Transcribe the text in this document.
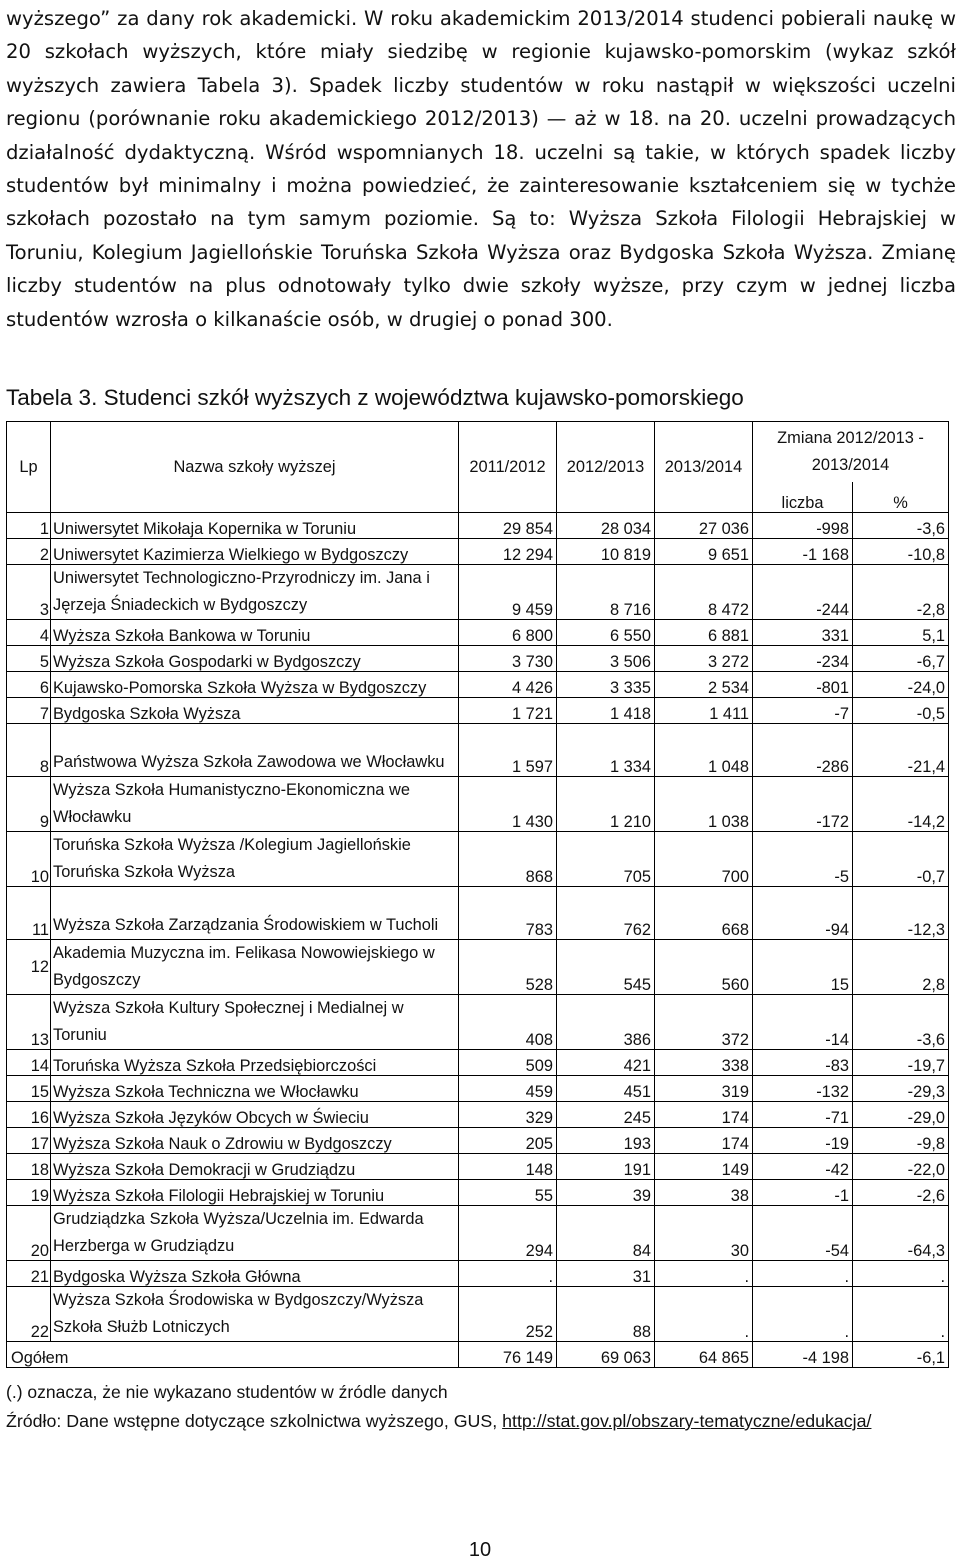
wyższego” za dany rok akademicki. W roku akademickim 2013/2014 studenci pobierali naukę w 20 szkołach wyższych, które miały siedzibę w regionie kujawsko-pomorskim (wykaz szkół wyższych zawiera Tabela 3). Spadek liczby studentów w roku nastąpił w większości uczelni regionu (porównanie roku akademickiego 2012/2013) — aż w 18. na 20. uczelni prowadzących działalność dydaktyczną. Wśród wspomnianych 18. uczelni są takie, w których spadek liczby studentów był minimalny i można powiedzieć, że zainteresowanie kształceniem się w tychże szkołach pozostało na tym samym poziomie. Są to: Wyższa Szkoła Filologii Hebrajskiej w Toruniu, Kolegium Jagiellońskie Toruńska Szkoła Wyższa oraz Bydgoska Szkoła Wyższa. Zmianę liczby studentów na plus odnotowały tylko dwie szkoły wyższe, przy czym w jednej liczba studentów wzrosła o kilkanaście osób, w drugiej o ponad 300.

Tabela 3. Studenci szkół wyższych z województwa kujawsko-pomorskiego

Lp	Nazwa szkoły wyższej	2011/2012	2012/2013	2013/2014	Zmiana 2012/2013 - 2013/2014	
					liczba	%
1	Uniwersytet Mikołaja Kopernika w Toruniu	29 854	28 034	27 036	-998	-3,6
2	Uniwersytet Kazimierza Wielkiego w Bydgoszczy	12 294	10 819	9 651	-1 168	-10,8
3	Uniwersytet Technologiczno-Przyrodniczy im. Jana i Jęrzeja Śniadeckich w Bydgoszczy	9 459	8 716	8 472	-244	-2,8
4	Wyższa Szkoła Bankowa w Toruniu	6 800	6 550	6 881	331	5,1
5	Wyższa Szkoła Gospodarki w Bydgoszczy	3 730	3 506	3 272	-234	-6,7
6	Kujawsko-Pomorska Szkoła Wyższa w Bydgoszczy	4 426	3 335	2 534	-801	-24,0
7	Bydgoska Szkoła Wyższa	1 721	1 418	1 411	-7	-0,5
8	Państwowa Wyższa Szkoła Zawodowa we Włocławku	1 597	1 334	1 048	-286	-21,4
9	Wyższa Szkoła Humanistyczno-Ekonomiczna we Włocławku	1 430	1 210	1 038	-172	-14,2
10	Toruńska Szkoła Wyższa /Kolegium Jagiellońskie Toruńska Szkoła Wyższa	868	705	700	-5	-0,7
11	Wyższa Szkoła Zarządzania Środowiskiem w Tucholi	783	762	668	-94	-12,3
12	Akademia Muzyczna im. Felikasa Nowowiejskiego w Bydgoszczy	528	545	560	15	2,8
13	Wyższa Szkoła Kultury Społecznej i Medialnej w Toruniu	408	386	372	-14	-3,6
14	Toruńska Wyższa Szkoła Przedsiębiorczości	509	421	338	-83	-19,7
15	Wyższa Szkoła Techniczna we Włocławku	459	451	319	-132	-29,3
16	Wyższa Szkoła Języków Obcych w Świeciu	329	245	174	-71	-29,0
17	Wyższa Szkoła Nauk o Zdrowiu w Bydgoszczy	205	193	174	-19	-9,8
18	Wyższa Szkoła Demokracji w Grudziądzu	148	191	149	-42	-22,0
19	Wyższa Szkoła Filologii Hebrajskiej w Toruniu	55	39	38	-1	-2,6
20	Grudziądzka Szkoła Wyższa/Uczelnia im. Edwarda Herzberga w Grudziądzu	294	84	30	-54	-64,3
21	Bydgoska Wyższa Szkoła Główna	.	31	.	.	.
22	Wyższa Szkoła Środowiska w Bydgoszczy/Wyższa Szkoła Służb Lotniczych	252	88	.	.	.
Ogółem		76 149	69 063	64 865	-4 198	-6,1

(.) oznacza, że nie wykazano studentów w źródle danych

Źródło: Dane wstępne dotyczące szkolnictwa wyższego, GUS, http://stat.gov.pl/obszary-tematyczne/edukacja/

10
